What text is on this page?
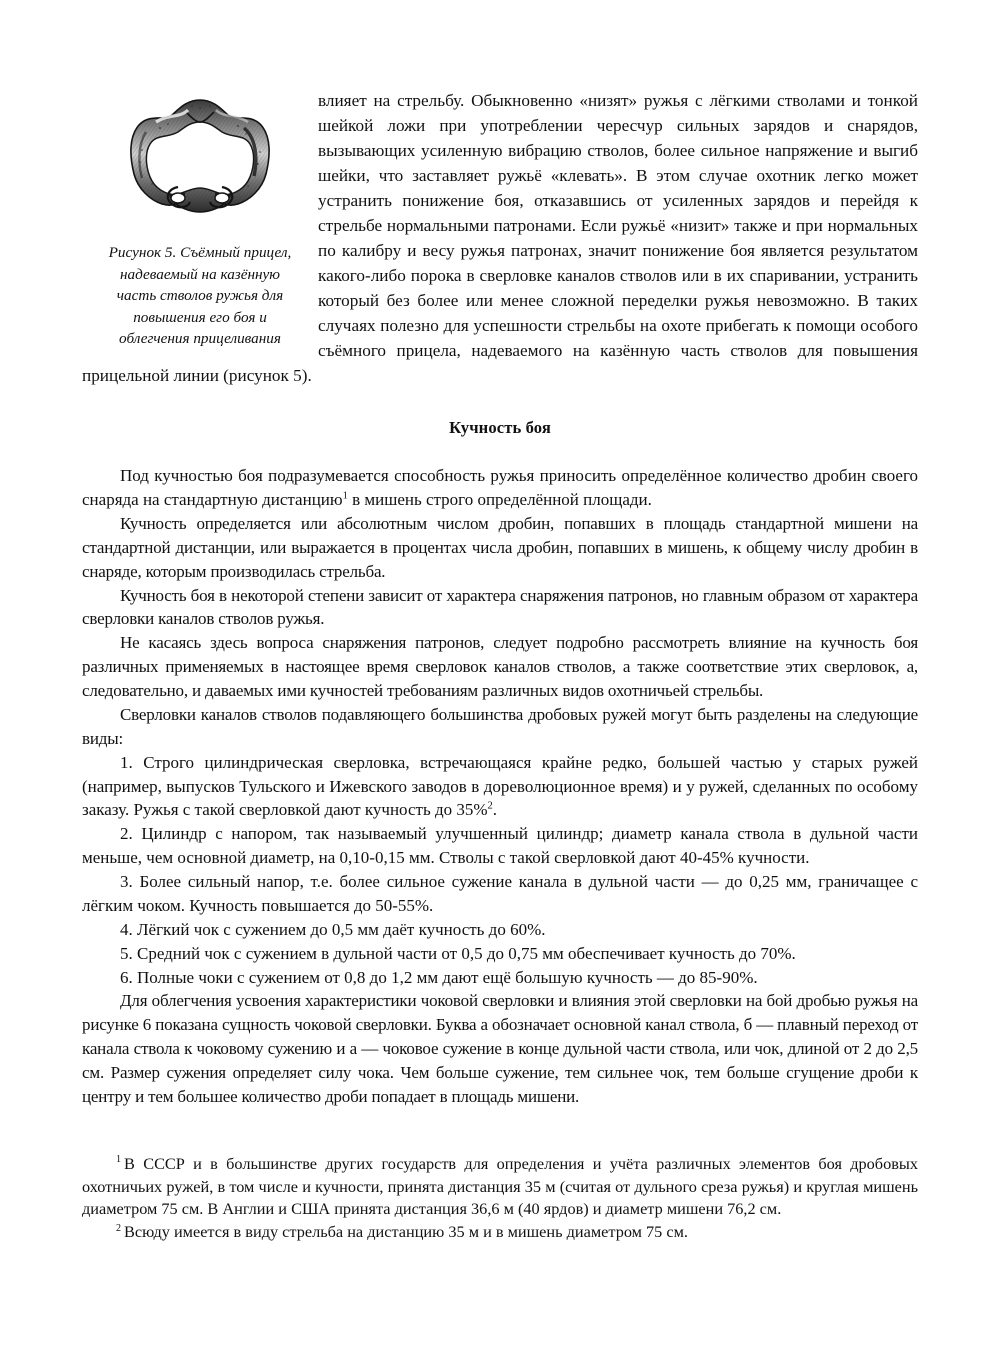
Рисунок 5. Съёмный прицел, надеваемый на казённую часть стволов ружья для повышения его боя и облегчения прицеливания

влияет на стрельбу. Обыкновенно «низят» ружья с лёгкими стволами и тонкой шейкой ложи при употреблении чересчур сильных зарядов и снарядов, вызывающих усиленную вибрацию стволов, более сильное напряжение и выгиб шейки, что заставляет ружьё «клевать». В этом случае охотник легко может устранить понижение боя, отказавшись от усиленных зарядов и перейдя к стрельбе нормальными патронами. Если ружьё «низит» также и при нормальных по калибру и весу ружья патронах, значит понижение боя является результатом какого-либо порока в сверловке каналов стволов или в их спаривании, устранить который без более или менее сложной переделки ружья невозможно. В таких случаях полезно для успешности стрельбы на охоте прибегать к помощи особого съёмного прицела, надеваемого на казённую часть стволов для повышения прицельной линии (рисунок 5).

Кучность боя

Под кучностью боя подразумевается способность ружья приносить определённое количество дробин своего снаряда на стандартную дистанцию$^1$ в мишень строго определённой площади.

Кучность определяется или абсолютным числом дробин, попавших в площадь стандартной мишени на стандартной дистанции, или выражается в процентах числа дробин, попавших в мишень, к общему числу дробин в снаряде, которым производилась стрельба.

Кучность боя в некоторой степени зависит от характера снаряжения патронов, но главным образом от характера сверловки каналов стволов ружья.

Не касаясь здесь вопроса снаряжения патронов, следует подробно рассмотреть влияние на кучность боя различных применяемых в настоящее время сверловок каналов стволов, а также соответствие этих сверловок, а, следовательно, и даваемых ими кучностей требованиям различных видов охотничьей стрельбы.

Сверловки каналов стволов подавляющего большинства дробовых ружей могут быть разделены на следующие виды:

1. Строго цилиндрическая сверловка, встречающаяся крайне редко, большей частью у старых ружей (например, выпусков Тульского и Ижевского заводов в дореволюционное время) и у ружей, сделанных по особому заказу. Ружья с такой сверловкой дают кучность до 35%$^2$.

2. Цилиндр с напором, так называемый улучшенный цилиндр; диаметр канала ствола в дульной части меньше, чем основной диаметр, на 0,10-0,15 мм. Стволы с такой сверловкой дают 40-45% кучности.

3. Более сильный напор, т.е. более сильное сужение канала в дульной части — до 0,25 мм, граничащее с лёгким чоком. Кучность повышается до 50-55%.

4. Лёгкий чок с сужением до 0,5 мм даёт кучность до 60%.

5. Средний чок с сужением в дульной части от 0,5 до 0,75 мм обеспечивает кучность до 70%.

6. Полные чоки с сужением от 0,8 до 1,2 мм дают ещё большую кучность — до 85-90%.

Для облегчения усвоения характеристики чоковой сверловки и влияния этой сверловки на бой дробью ружья на рисунке 6 показана сущность чоковой сверловки. Буква а обозначает основной канал ствола, б — плавный переход от канала ствола к чоковому сужению и а — чоковое сужение в конце дульной части ствола, или чок, длиной от 2 до 2,5 см. Размер сужения определяет силу чока. Чем больше сужение, тем сильнее чок, тем больше сгущение дроби к центру и тем большее количество дроби попадает в площадь мишени.

$^1$ В СССР и в большинстве других государств для определения и учёта различных элементов боя дробовых охотничьих ружей, в том числе и кучности, принята дистанция 35 м (считая от дульного среза ружья) и круглая мишень диаметром 75 см. В Англии и США принята дистанция 36,6 м (40 ярдов) и диаметр мишени 76,2 см.

$^2$ Всюду имеется в виду стрельба на дистанцию 35 м и в мишень диаметром 75 см.
